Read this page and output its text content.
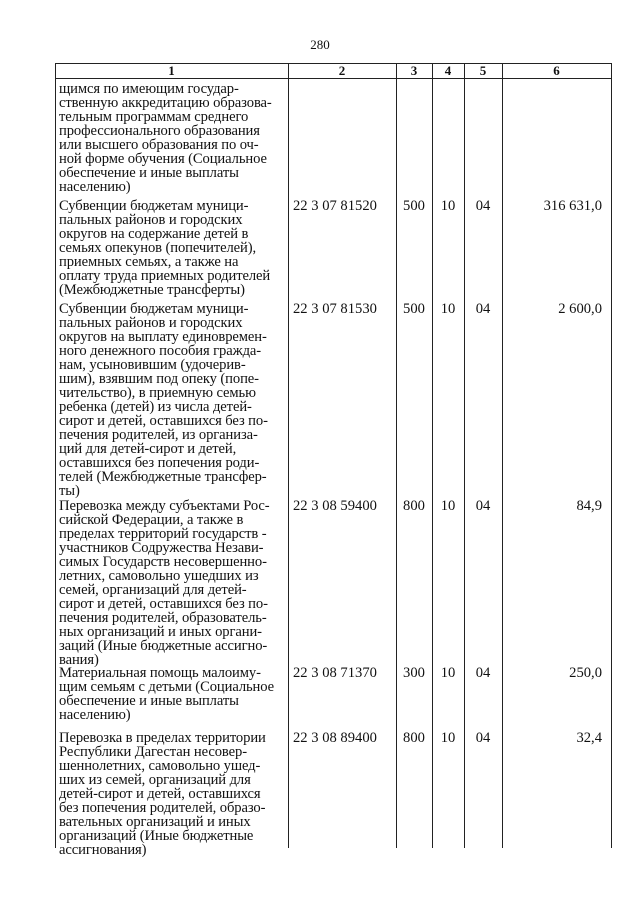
280
1	2	3	4	5	6
щимся по имеющим государ-
ственную аккредитацию образова-
тельным программам среднего
профессионального образования
или высшего образования по оч-
ной форме обучения (Социальное
обеспечение и иные выплаты
населению)
Субвенции бюджетам муници-
пальных районов и городских
округов на содержание детей в
семьях опекунов (попечителей),
приемных семьях, а также на
оплату труда приемных родителей
(Межбюджетные трансферты)
22 3 07 81520	500	10	04	316 631,0
Субвенции бюджетам муници-
пальных районов и городских
округов на выплату единовремен-
ного денежного пособия гражда-
нам, усыновившим (удочерив-
шим), взявшим под опеку (попе-
чительство), в приемную семью
ребенка (детей) из числа детей-
сирот и детей, оставшихся без по-
печения родителей, из организа-
ций для детей-сирот и детей,
оставшихся без попечения роди-
телей (Межбюджетные трансфер-
ты)
22 3 07 81530	500	10	04	2 600,0
Перевозка между субъектами Рос-
сийской Федерации, а также в
пределах территорий государств -
участников Содружества Незави-
симых Государств несовершенно-
летних, самовольно ушедших из
семей, организаций для детей-
сирот и детей, оставшихся без по-
печения родителей, образователь-
ных организаций и иных органи-
заций (Иные бюджетные ассигно-
вания)
22 3 08 59400	800	10	04	84,9
Материальная помощь малоиму-
щим семьям с детьми (Социальное
обеспечение и иные выплаты
населению)
22 3 08 71370	300	10	04	250,0
Перевозка в пределах территории
Республики Дагестан несовер-
шеннолетних, самовольно ушед-
ших из семей, организаций для
детей-сирот и детей, оставшихся
без попечения родителей, образо-
вательных организаций и иных
организаций (Иные бюджетные
ассигнования)
22 3 08 89400	800	10	04	32,4
